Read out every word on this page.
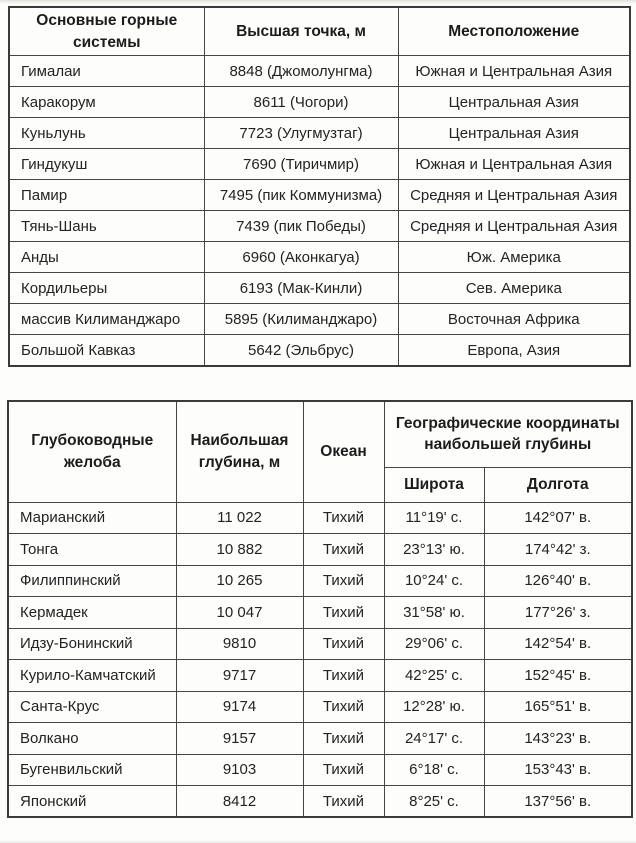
Основные горные системы	Высшая точка, м	Местоположение
Гималаи	8848 (Джомолунгма)	Южная и Центральная Азия
Каракорум	8611 (Чогори)	Центральная Азия
Куньлунь	7723 (Улугмузтаг)	Центральная Азия
Гиндукуш	7690 (Тиричмир)	Южная и Центральная Азия
Памир	7495 (пик Коммунизма)	Средняя и Центральная Азия
Тянь-Шань	7439 (пик Победы)	Средняя и Центральная Азия
Анды	6960 (Аконкагуа)	Юж. Америка
Кордильеры	6193 (Мак-Кинли)	Сев. Америка
массив Килиманджаро	5895 (Килиманджаро)	Восточная Африка
Большой Кавказ	5642 (Эльбрус)	Европа, Азия
Глубоководные желоба	Наибольшая глубина, м	Океан	Географические координаты наибольшей глубины	
			Широта	Долгота
Марианский	11 022	Тихий	11°19' с.	142°07' в.
Тонга	10 882	Тихий	23°13' ю.	174°42' з.
Филиппинский	10 265	Тихий	10°24' с.	126°40' в.
Кермадек	10 047	Тихий	31°58' ю.	177°26' з.
Идзу-Бонинский	9810	Тихий	29°06' с.	142°54' в.
Курило-Камчатский	9717	Тихий	42°25' с.	152°45' в.
Санта-Крус	9174	Тихий	12°28' ю.	165°51' в.
Волкано	9157	Тихий	24°17' с.	143°23' в.
Бугенвильский	9103	Тихий	6°18' с.	153°43' в.
Японский	8412	Тихий	8°25' с.	137°56' в.
